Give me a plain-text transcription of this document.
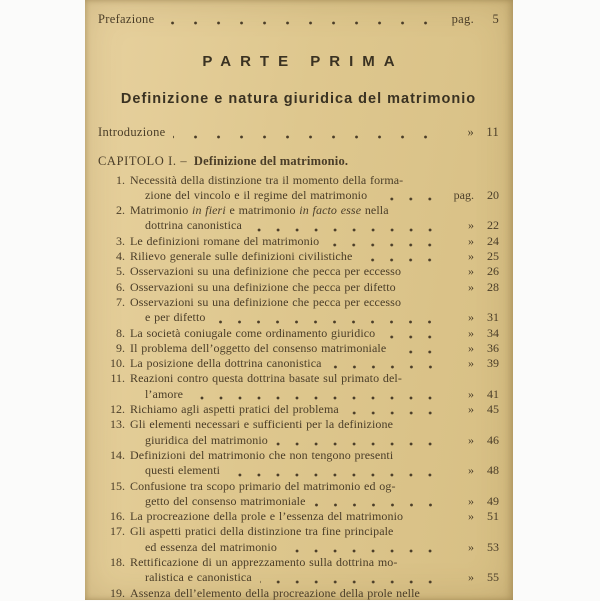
Prefazione	pag.	5
PARTE PRIMA
Definizione e natura giuridica del matrimonio
Introduzione	» 11
CAPITOLO I. – Definizione del matrimonio.
1. Necessità della distinzione tra il momento della forma-
zione del vincolo e il regime del matrimonio	pag.	20
2. Matrimonio in fieri e matrimonio in facto esse nella
dottrina canonistica	»	22
3. Le definizioni romane del matrimonio	»	24
4. Rilievo generale sulle definizioni civilistiche	»	25
5. Osservazioni su una definizione che pecca per eccesso	»	26
6. Osservazioni su una definizione che pecca per difetto	»	28
7. Osservazioni su una definizione che pecca per eccesso
e per difetto	»	31
8. La società coniugale come ordinamento giuridico	»	34
9. Il problema dell’oggetto del consenso matrimoniale	»	36
10. La posizione della dottrina canonistica	»	39
11. Reazioni contro questa dottrina basate sul primato del-
l’amore	»	41
12. Richiamo agli aspetti pratici del problema	»	45
13. Gli elementi necessari e sufficienti per la definizione
giuridica del matrimonio	»	46
14. Definizioni del matrimonio che non tengono presenti
questi elementi	»	48
15. Confusione tra scopo primario del matrimonio ed og-
getto del consenso matrimoniale	»	49
16. La procreazione della prole e l’essenza del matrimonio	»	51
17. Gli aspetti pratici della distinzione tra fine principale
ed essenza del matrimonio	»	53
18. Rettificazione di un apprezzamento sulla dottrina mo-
ralistica e canonistica	»	55
19. Assenza dell’elemento della procreazione della prole nelle
